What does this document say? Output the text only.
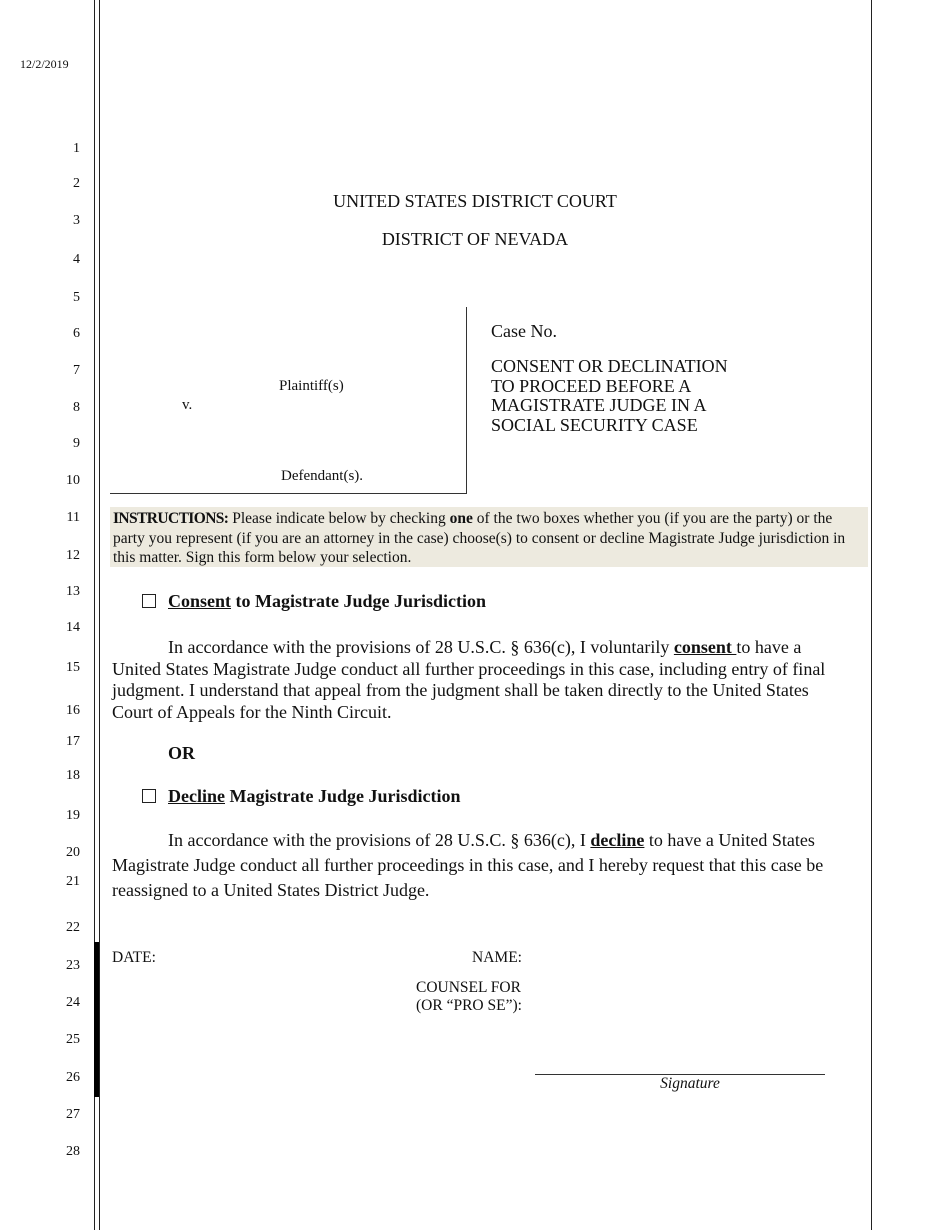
12/2/2019
1
2
3
4
5
6
7
8
9
10
11
12
13
14
15
16
17
18
19
20
21
22
23
24
25
26
27
28
UNITED STATES DISTRICT COURT
DISTRICT OF NEVADA
Plaintiff(s)
v.
Defendant(s).
Case No.
CONSENT OR DECLINATION
TO PROCEED BEFORE A
MAGISTRATE JUDGE IN A
SOCIAL SECURITY CASE
INSTRUCTIONS: Please indicate below by checking one of the two boxes whether you (if you are the party) or the party you represent (if you are an attorney in the case) choose(s) to consent or decline Magistrate Judge jurisdiction in this matter. Sign this form below your selection.
Consent to Magistrate Judge Jurisdiction
In accordance with the provisions of 28 U.S.C. § 636(c), I voluntarily consent to have a United States Magistrate Judge conduct all further proceedings in this case, including entry of final judgment. I understand that appeal from the judgment shall be taken directly to the United States Court of Appeals for the Ninth Circuit.
OR
Decline Magistrate Judge Jurisdiction
In accordance with the provisions of 28 U.S.C. § 636(c), I decline to have a United States Magistrate Judge conduct all further proceedings in this case, and I hereby request that this case be reassigned to a United States District Judge.
DATE:	NAME:
COUNSEL FOR
(OR “PRO SE”):
Signature
